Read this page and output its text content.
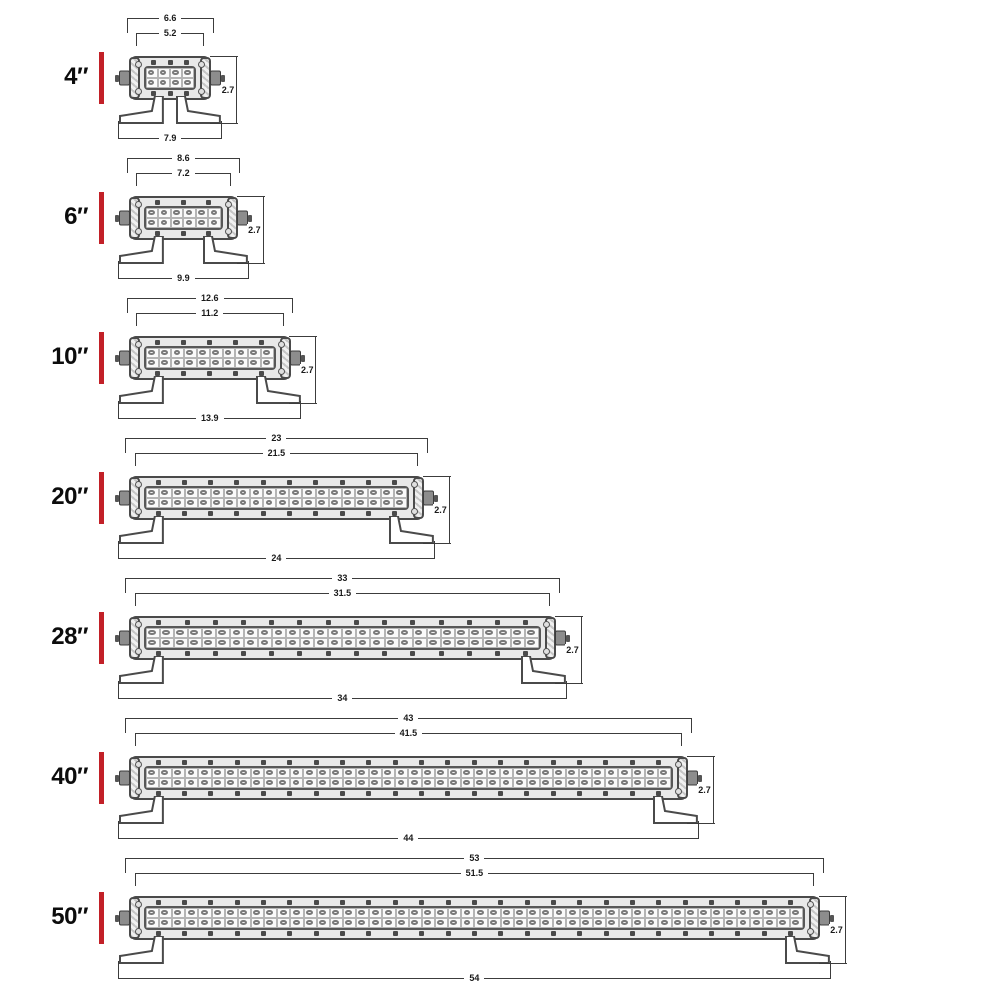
4″
6.6
5.2
2.7
7.9
6″
8.6
7.2
2.7
9.9
10″
12.6
11.2
2.7
13.9
20″
23
21.5
2.7
24
28″
33
31.5
2.7
34
40″
43
41.5
2.7
44
50″
53
51.5
2.7
54
